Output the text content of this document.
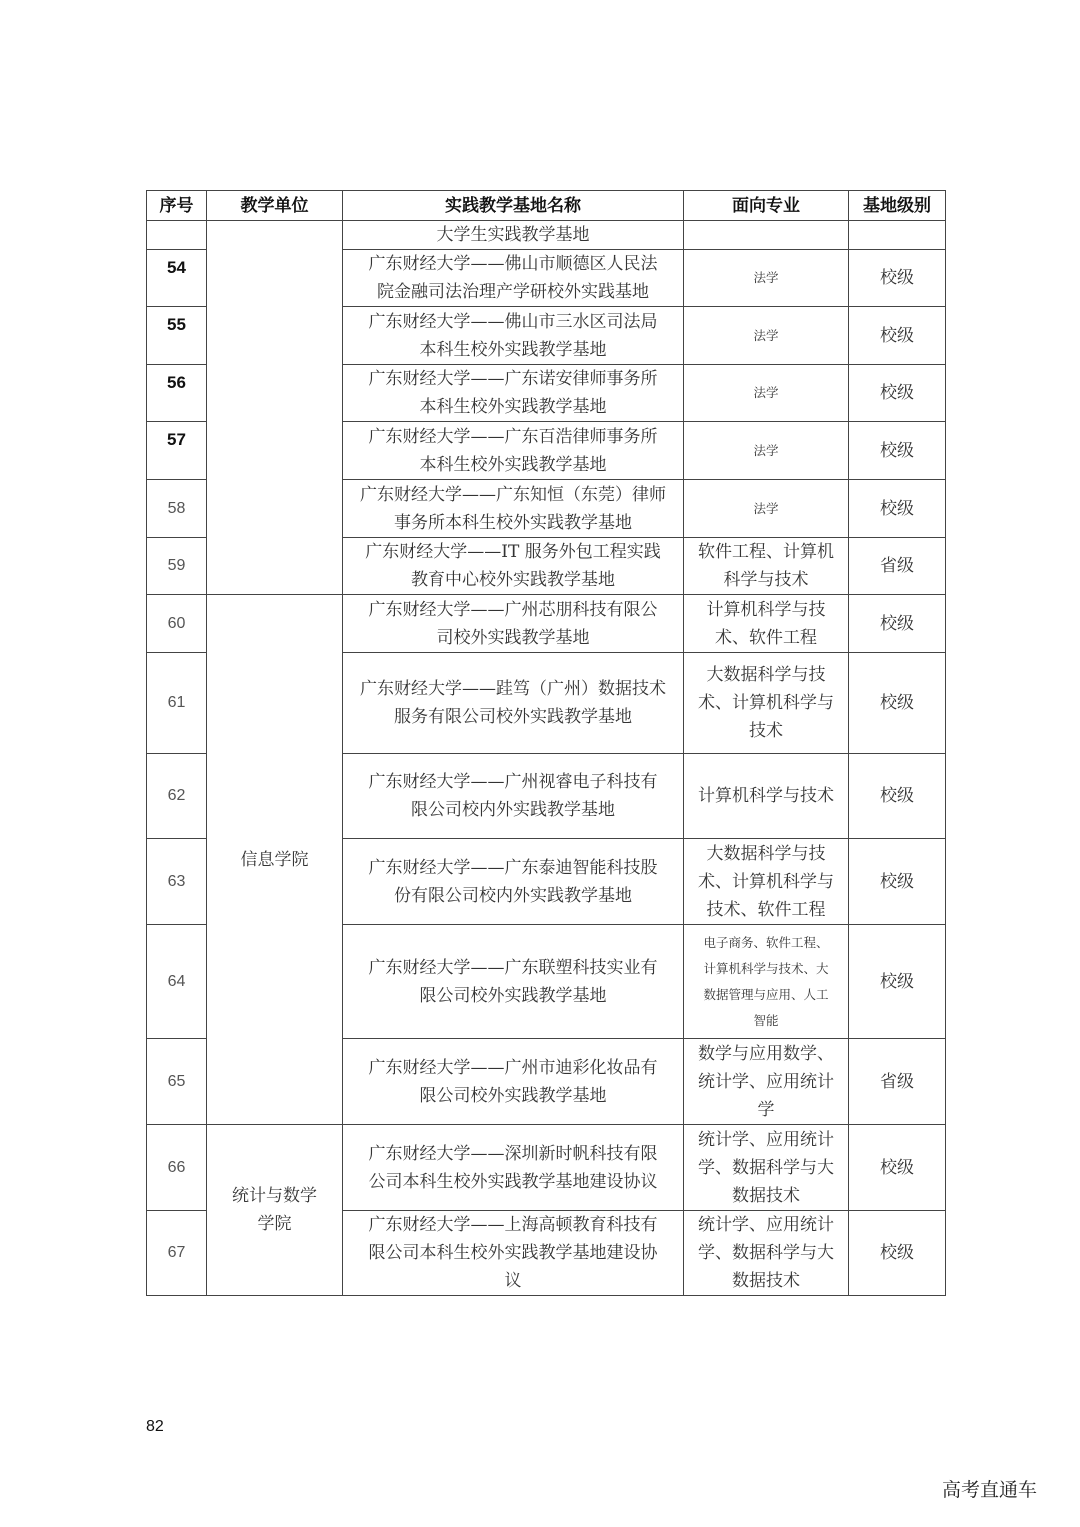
序号	教学单位	实践教学基地名称	面向专业	基地级别
		大学生实践教学基地		
54		广东财经大学——佛山市顺德区人民法
院金融司法治理产学研校外实践基地	法学	校级
55		广东财经大学——佛山市三水区司法局
本科生校外实践教学基地	法学	校级
56		广东财经大学——广东诺安律师事务所
本科生校外实践教学基地	法学	校级
57		广东财经大学——广东百浩律师事务所
本科生校外实践教学基地	法学	校级
58		广东财经大学——广东知恒（东莞）律师
事务所本科生校外实践教学基地	法学	校级
59		广东财经大学——IT 服务外包工程实践
教育中心校外实践教学基地	软件工程、计算机
科学与技术	省级
60	信息学院	广东财经大学——广州芯朋科技有限公
司校外实践教学基地	计算机科学与技
术、软件工程	校级
61		广东财经大学——跬笃（广州）数据技术
服务有限公司校外实践教学基地	大数据科学与技
术、计算机科学与
技术	校级
62		广东财经大学——广州视睿电子科技有
限公司校内外实践教学基地	计算机科学与技术	校级
63		广东财经大学——广东泰迪智能科技股
份有限公司校内外实践教学基地	大数据科学与技
术、计算机科学与
技术、软件工程	校级
64		广东财经大学——广东联塑科技实业有
限公司校外实践教学基地	电子商务、软件工程、
计算机科学与技术、大
数据管理与应用、人工
智能	校级
65		广东财经大学——广州市迪彩化妆品有
限公司校外实践教学基地	数学与应用数学、
统计学、应用统计
学	省级
66	统计与数学
学院	广东财经大学——深圳新时帆科技有限
公司本科生校外实践教学基地建设协议	统计学、应用统计
学、数据科学与大
数据技术	校级
67		广东财经大学——上海高顿教育科技有
限公司本科生校外实践教学基地建设协
议	统计学、应用统计
学、数据科学与大
数据技术	校级
82
高考直通车
